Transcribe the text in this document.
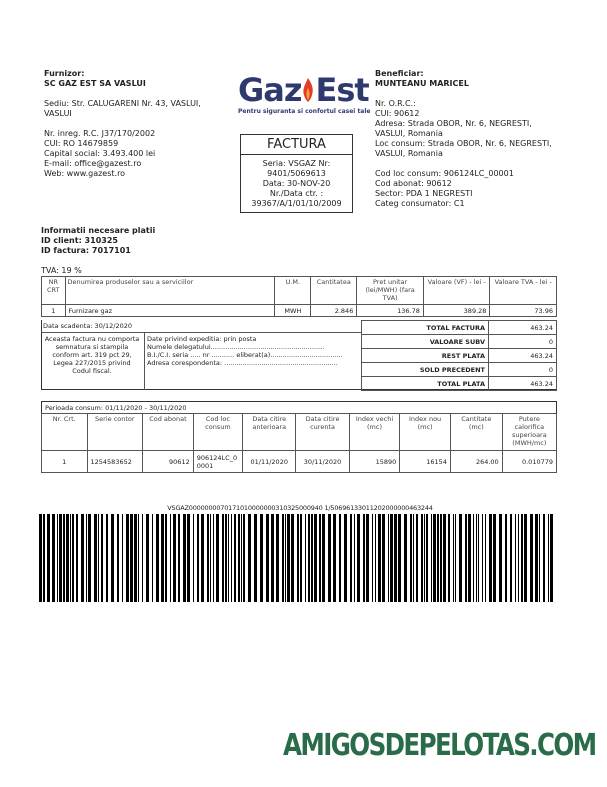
Furnizor:
SC GAZ EST SA VASLUI
Sediu: Str. CALUGARENI Nr. 43, VASLUI,
VASLUI
Nr. inreg. R.C. J37/170/2002
CUI: RO 14679859
Capital social: 3.493.400 lei
E-mail: office@gazest.ro
Web: www.gazest.ro
Gaz Est
Pentru siguranta si confortul casei tale
FACTURA
Seria: VSGAZ Nr:
9401/5069613
Data: 30-NOV-20
Nr./Data ctr. :
39367/A/1/01/10/2009
Beneficiar:
MUNTEANU MARICEL
Nr. O.R.C.:
CUI: 90612
Adresa: Strada OBOR, Nr. 6, NEGRESTI,
VASLUI, Romania
Loc consum: Strada OBOR, Nr. 6, NEGRESTI,
VASLUI, Romania
Cod loc consum: 906124LC_00001
Cod abonat: 90612
Sector: PDA 1 NEGRESTI
Categ consumator: C1
Informatii necesare platii
ID client: 310325
ID factura: 7017101
TVA: 19 %
NR CRT	Denumirea produselor sau a serviciilor	U.M.	Cantitatea	Pret unitar (lei/MWH) (fara TVA)	Valoare (VF) - lei -	Valoare TVA - lei -
1	Furnizare gaz	MWH	2.846	136.78	389.28	73.96
Data scadenta: 30/12/2020
Aceasta factura nu comporta semnatura si stampila conform art. 319 pct 29, Legea 227/2015 privind Codul fiscal.
Date privind expeditia: prin posta
Numele delegatului.......................................................
B.I./C.I. seria ..... nr ........... eliberat(a)...................................
Adresa corespondenta: .......................................................
TOTAL FACTURA	463.24
VALOARE SUBV	0
REST PLATA	463.24
SOLD PRECEDENT	0
TOTAL PLATA	463.24
Perioada consum: 01/11/2020 - 30/11/2020
Nr. Crt.	Serie contor	Cod abonat	Cod loc consum	Data citire anterioara	Data citire curenta	Index vechi (mc)	Index nou (mc)	Cantitate (mc)	Putere calorifica superioara (MWH/mc)
1	1254583652	90612	906124LC_00001	01/11/2020	30/11/2020	15890	16154	264.00	0.010779
VSGAZ0000000070171010000000310325000940 1/50696133011202000000463244
AMIGOSDEPELOTAS.COM
